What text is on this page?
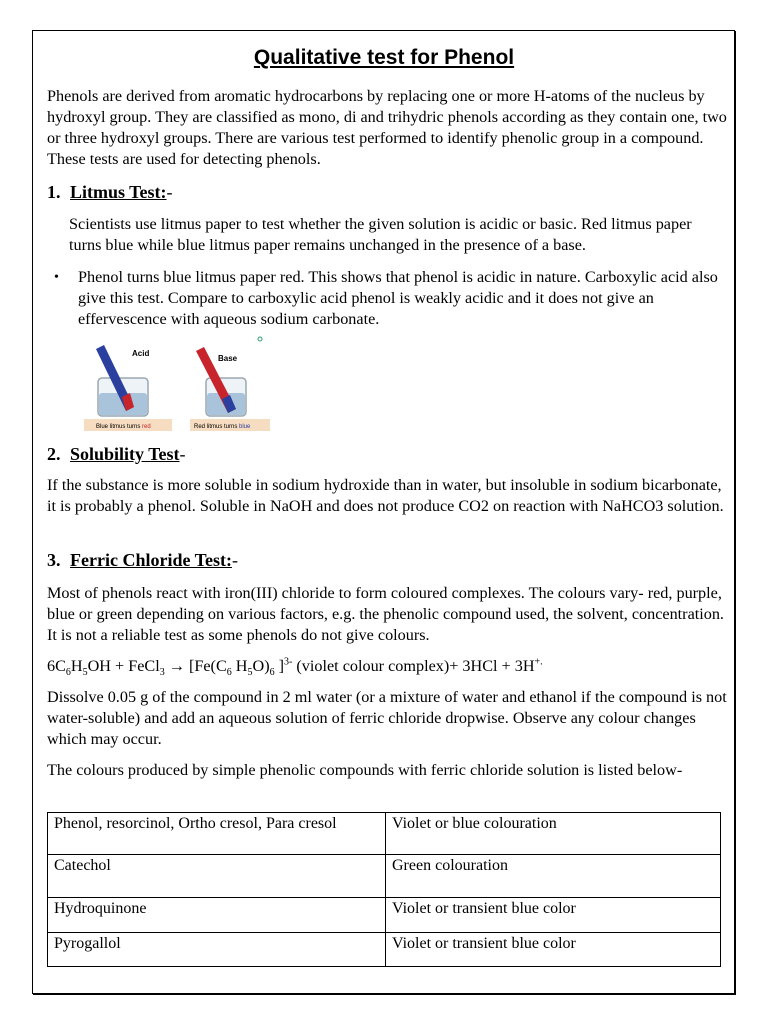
Qualitative test for Phenol
Phenols are derived from aromatic hydrocarbons by replacing one or more H-atoms of the nucleus by hydroxyl group. They are classified as mono, di and trihydric phenols according as they contain one, two or three hydroxyl groups. There are various test performed to identify phenolic group in a compound. These tests are used for detecting phenols.
1. Litmus Test:-
Scientists use litmus paper to test whether the given solution is acidic or basic. Red litmus paper turns blue while blue litmus paper remains unchanged in the presence of a base.
• Phenol turns blue litmus paper red. This shows that phenol is acidic in nature. Carboxylic acid also give this test. Compare to carboxylic acid phenol is weakly acidic and it does not give an effervescence with aqueous sodium carbonate.
Acid
Blue litmus turns red
Base
Red litmus turns blue
2. Solubility Test-
If the substance is more soluble in sodium hydroxide than in water, but insoluble in sodium bicarbonate, it is probably a phenol. Soluble in NaOH and does not produce CO2 on reaction with NaHCO3 solution.
3. Ferric Chloride Test:-
Most of phenols react with iron(III) chloride to form coloured complexes. The colours vary- red, purple, blue or green depending on various factors, e.g. the phenolic compound used, the solvent, concentration. It is not a reliable test as some phenols do not give colours.
$6C_6H_5OH$ + FeCl$_3$ → [$Fe(C_6$ $H_5O)_6$ ]$^{3-}$ (violet colour complex)+ 3HCl + 3H+.
Dissolve 0.05 g of the compound in 2 ml water (or a mixture of water and ethanol if the compound is not water-soluble) and add an aqueous solution of ferric chloride dropwise. Observe any colour changes which may occur.
The colours produced by simple phenolic compounds with ferric chloride solution is listed below-
Phenol, resorcinol, Ortho cresol, Para cresol	Violet or blue colouration
Catechol	Green colouration
Hydroquinone	Violet or transient blue color
Pyrogallol	Violet or transient blue color
